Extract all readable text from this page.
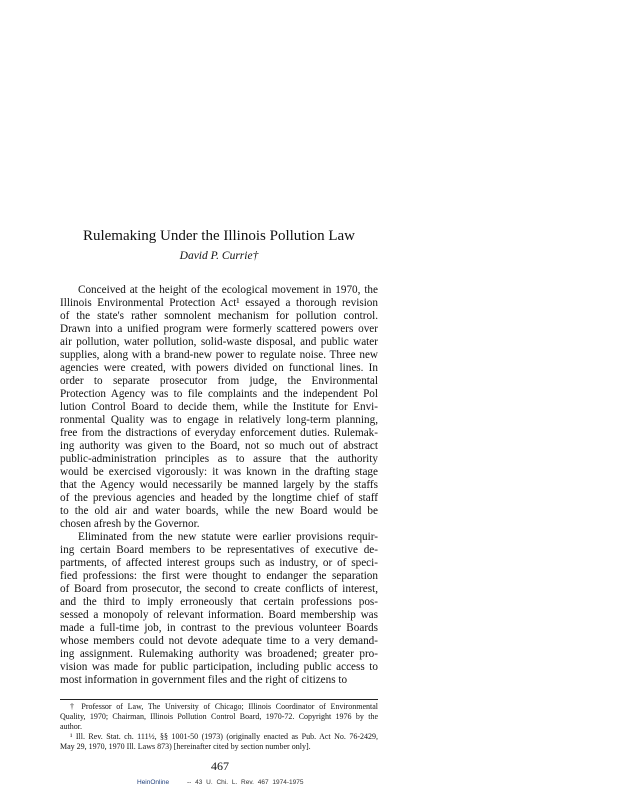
Rulemaking Under the Illinois Pollution Law
David P. Currie†
Conceived at the height of the ecological movement in 1970, the
Illinois Environmental Protection Act¹ essayed a thorough revision
of the state's rather somnolent mechanism for pollution control.
Drawn into a unified program were formerly scattered powers over
air pollution, water pollution, solid-waste disposal, and public water
supplies, along with a brand-new power to regulate noise. Three new
agencies were created, with powers divided on functional lines. In
order to separate prosecutor from judge, the Environmental
Protection Agency was to file complaints and the independent Pol
lution Control Board to decide them, while the Institute for Envi-
ronmental Quality was to engage in relatively long-term planning,
free from the distractions of everyday enforcement duties. Rulemak-
ing authority was given to the Board, not so much out of abstract
public-administration principles as to assure that the authority
would be exercised vigorously: it was known in the drafting stage
that the Agency would necessarily be manned largely by the staffs
of the previous agencies and headed by the longtime chief of staff
to the old air and water boards, while the new Board would be
chosen afresh by the Governor.
Eliminated from the new statute were earlier provisions requir-
ing certain Board members to be representatives of executive de-
partments, of affected interest groups such as industry, or of speci-
fied professions: the first were thought to endanger the separation
of Board from prosecutor, the second to create conflicts of interest,
and the third to imply erroneously that certain professions pos-
sessed a monopoly of relevant information. Board membership was
made a full-time job, in contrast to the previous volunteer Boards
whose members could not devote adequate time to a very demand-
ing assignment. Rulemaking authority was broadened; greater pro-
vision was made for public participation, including public access to
most information in government files and the right of citizens to
† Professor of Law, The University of Chicago; Illinois Coordinator of Environmental
Quality, 1970; Chairman, Illinois Pollution Control Board, 1970-72. Copyright 1976 by the
author.
¹ Ill. Rev. Stat. ch. 111½, §§ 1001-50 (1973) (originally enacted as Pub. Act No. 76-2429,
May 29, 1970, 1970 Ill. Laws 873) [hereinafter cited by section number only].
467
HeinOnline	-- 43 U. Chi. L. Rev. 467 1974-1975
